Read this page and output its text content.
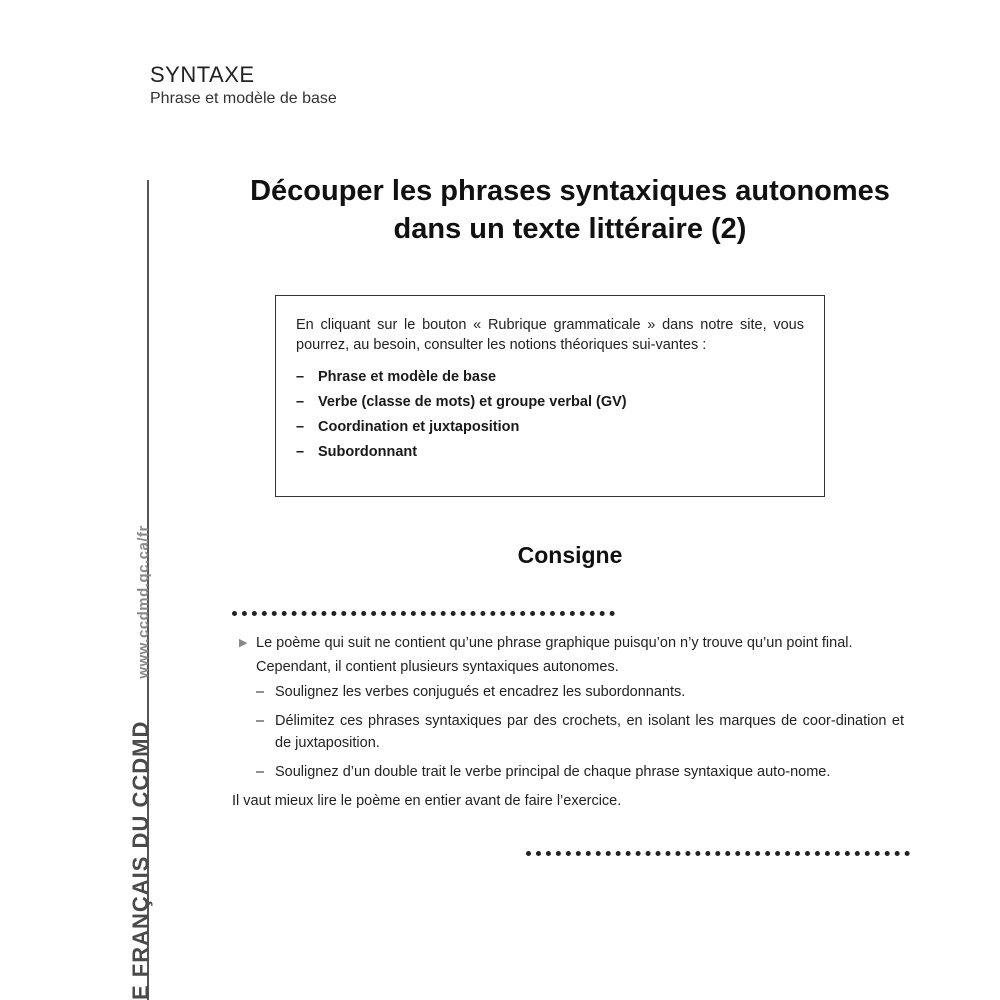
SYNTAXE
Phrase et modèle de base
E FRANÇAIS DU CCDMD
www.ccdmd.qc.ca/fr
Découper les phrases syntaxiques autonomes
dans un texte littéraire (2)

En cliquant sur le bouton « Rubrique grammaticale » dans notre site, vous pourrez, au besoin, consulter les notions théoriques sui-vantes :

– Phrase et modèle de base
– Verbe (classe de mots) et groupe verbal (GV)
– Coordination et juxtaposition
– Subordonnant
Consigne

▶ Le poème qui suit ne contient qu’une phrase graphique puisqu’on n’y trouve qu’un point final. Cependant, il contient plusieurs syntaxiques autonomes.

– Soulignez les verbes conjugués et encadrez les subordonnants.
– Délimitez ces phrases syntaxiques par des crochets, en isolant les marques de coor-dination et de juxtaposition.
– Soulignez d’un double trait le verbe principal de chaque phrase syntaxique auto-nome.

Il vaut mieux lire le poème en entier avant de faire l’exercice.
